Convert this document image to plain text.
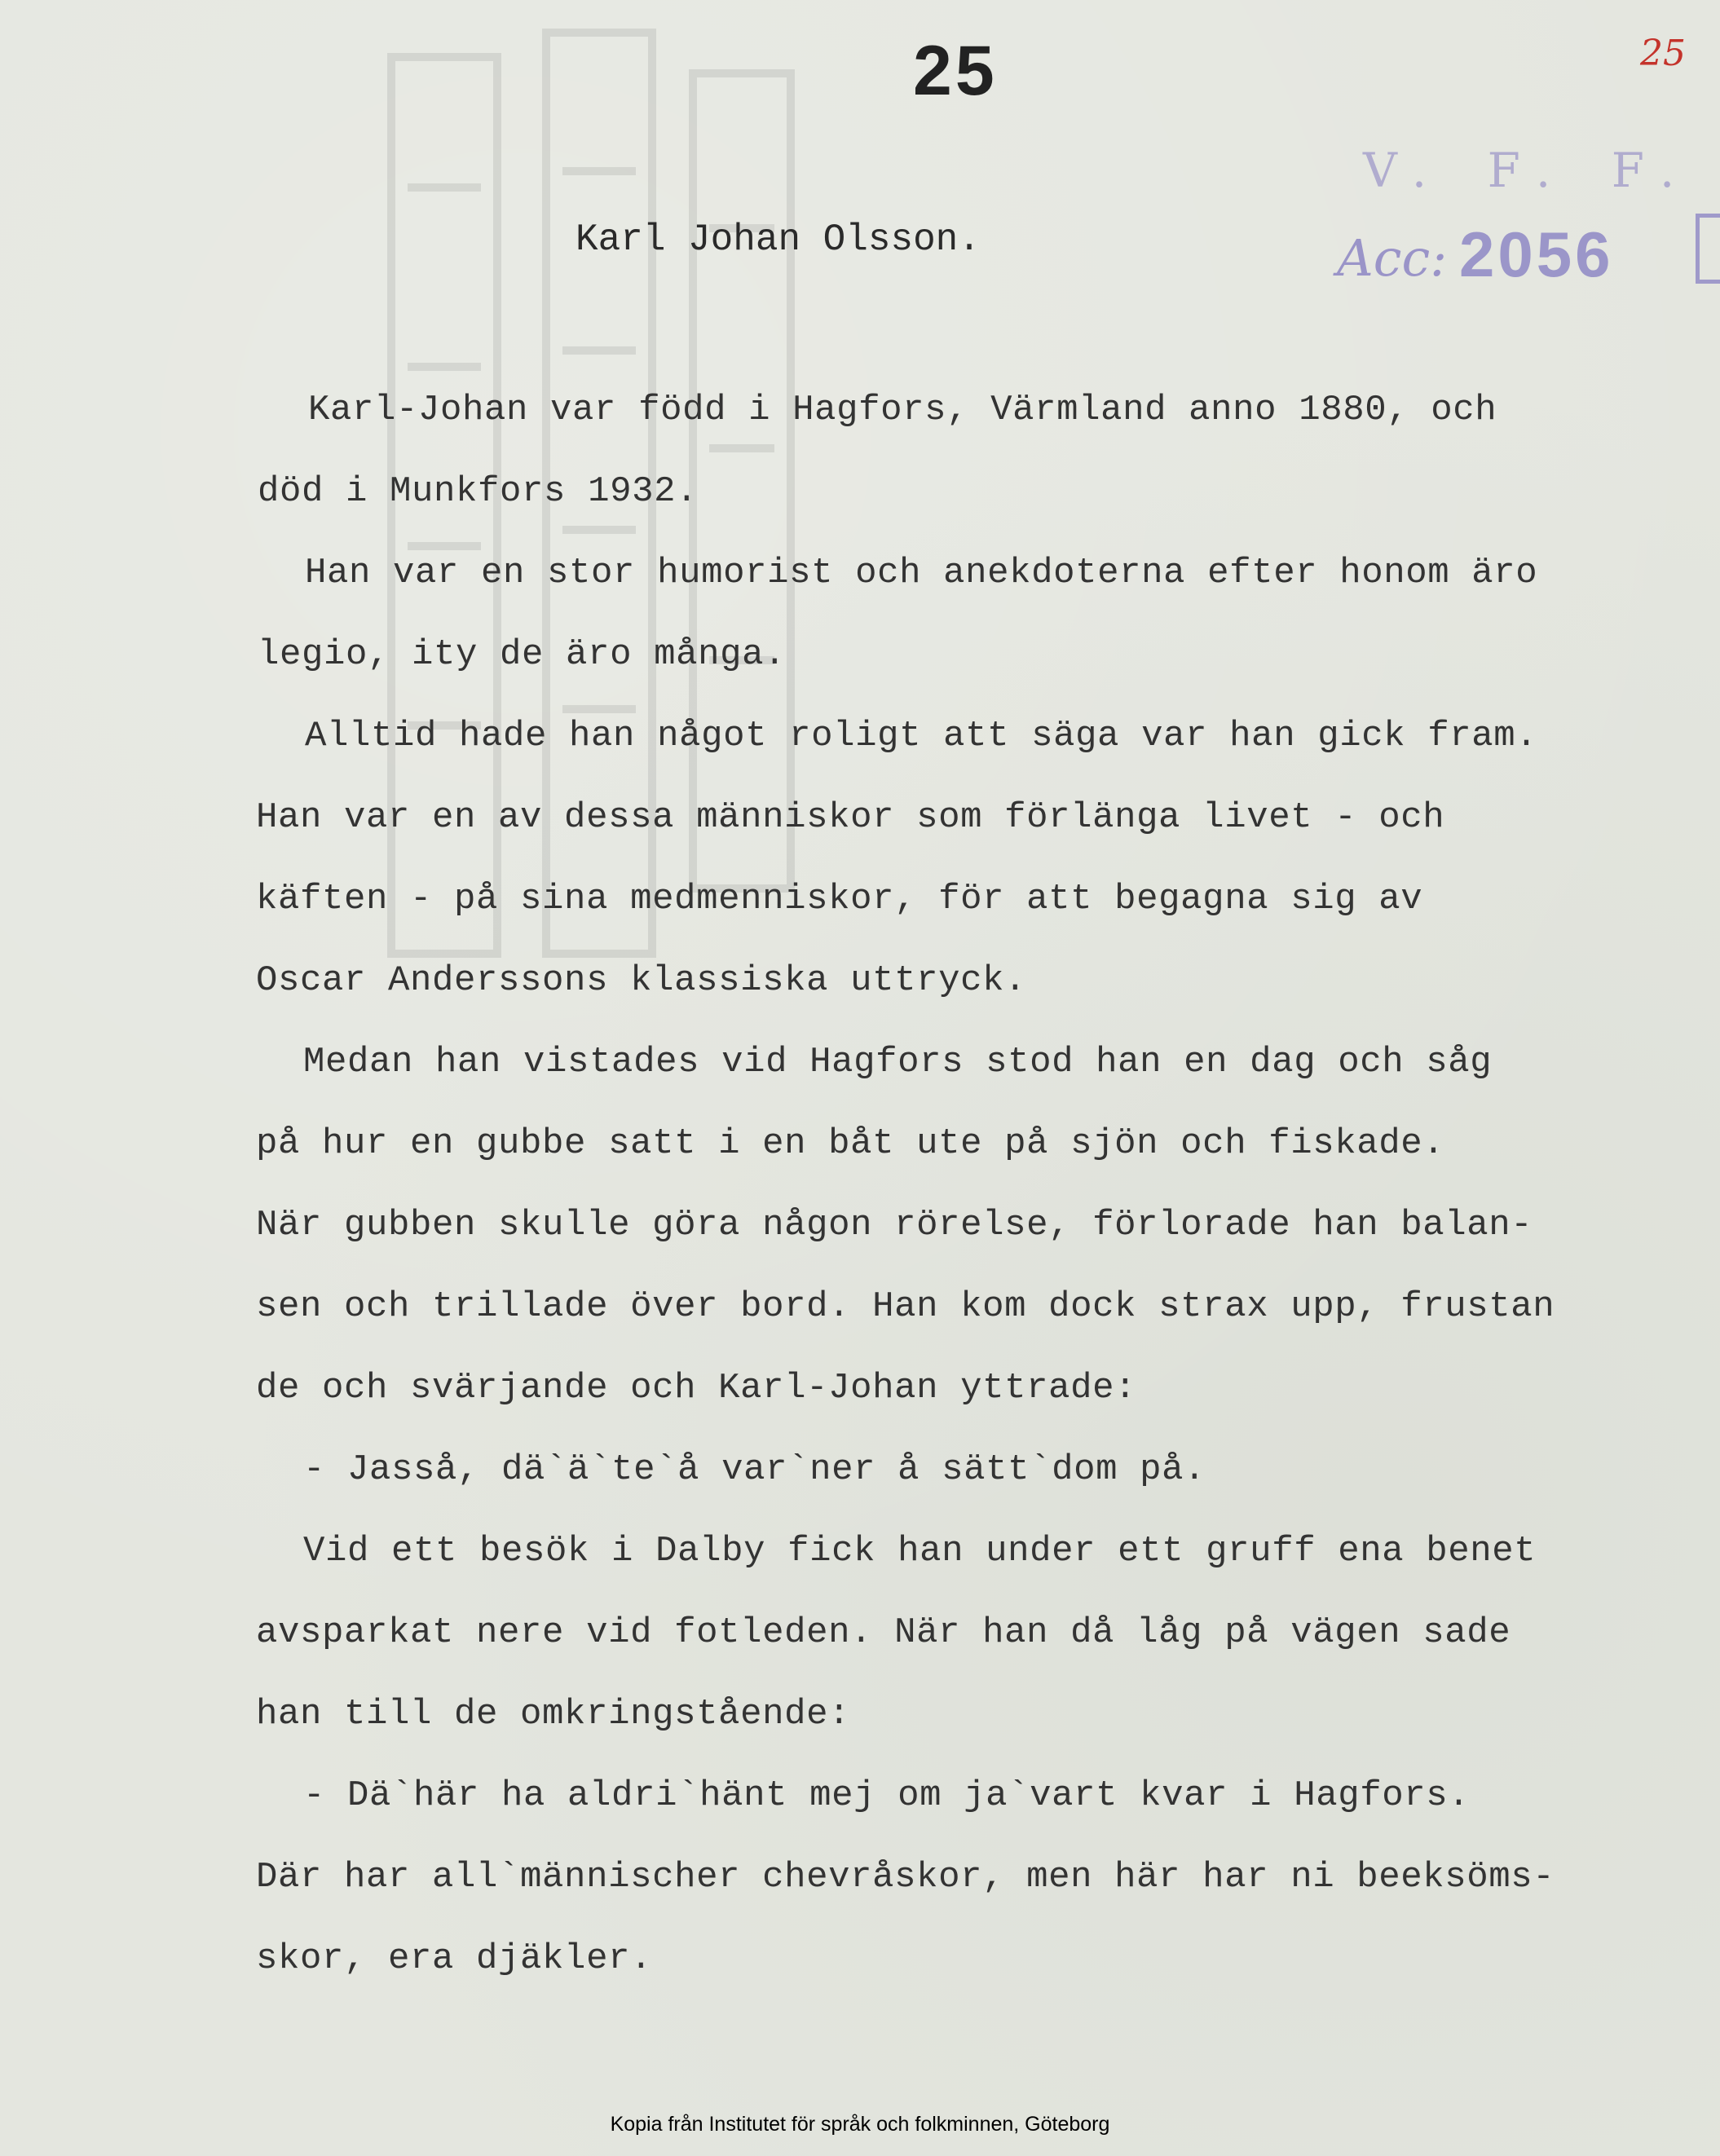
25	25
V. F. F.
Acc: 2056
Karl Johan Olsson.
Karl-Johan var född i Hagfors, Värmland anno 1880, och
död i Munkfors 1932.
Han var en stor humorist och anekdoterna efter honom äro
legio, ity de äro många.
Alltid hade han något roligt att säga var han gick fram.
Han var en av dessa människor som förlänga livet - och
käften - på sina medmenniskor, för att begagna sig av
Oscar Anderssons klassiska uttryck.
Medan han vistades vid Hagfors stod han en dag och såg
på hur en gubbe satt i en båt ute på sjön och fiskade.
När gubben skulle göra någon rörelse, förlorade han balan-
sen och trillade över bord. Han kom dock strax upp, frustan
de och svärjande och Karl-Johan yttrade:
- Jasså, dä`ä`te`å var`ner å sätt`dom på.
Vid ett besök i Dalby fick han under ett gruff ena benet
avsparkat nere vid fotleden. När han då låg på vägen sade
han till de omkringstående:
- Dä`här ha aldri`hänt mej om ja`vart kvar i Hagfors.
Där har all`männischer chevråskor, men här har ni beeksöms-
skor, era djäkler.
Kopia från Institutet för språk och folkminnen, Göteborg
